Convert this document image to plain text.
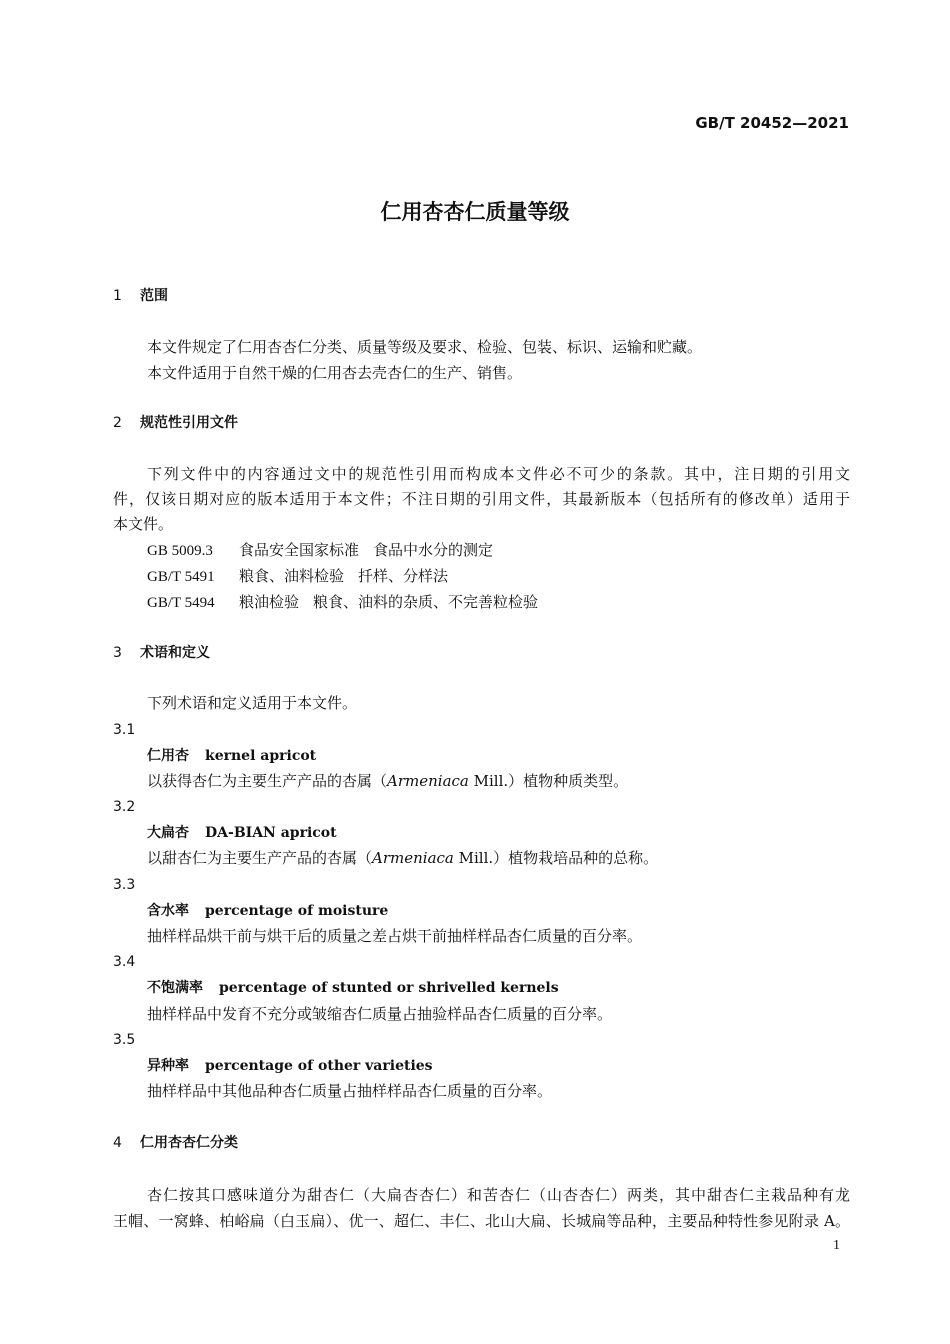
GB/T 20452—2021
仁用杏杏仁质量等级
1 范围
本文件规定了仁用杏杏仁分类、质量等级及要求、检验、包装、标识、运输和贮藏。
本文件适用于自然干燥的仁用杏去壳杏仁的生产、销售。
2 规范性引用文件
下列文件中的内容通过文中的规范性引用而构成本文件必不可少的条款。其中，注日期的引用文
件，仅该日期对应的版本适用于本文件；不注日期的引用文件，其最新版本（包括所有的修改单）适用于
本文件。
GB 5009.3 食品安全国家标准 食品中水分的测定
GB/T 5491 粮食、油料检验 扦样、分样法
GB/T 5494 粮油检验 粮食、油料的杂质、不完善粒检验
3 术语和定义
下列术语和定义适用于本文件。
3.1
仁用杏 kernel apricot
以获得杏仁为主要生产产品的杏属（Armeniaca Mill.）植物种质类型。
3.2
大扁杏 DA-BIAN apricot
以甜杏仁为主要生产产品的杏属（Armeniaca Mill.）植物栽培品种的总称。
3.3
含水率 percentage of moisture
抽样样品烘干前与烘干后的质量之差占烘干前抽样样品杏仁质量的百分率。
3.4
不饱满率 percentage of stunted or shrivelled kernels
抽样样品中发育不充分或皱缩杏仁质量占抽验样品杏仁质量的百分率。
3.5
异种率 percentage of other varieties
抽样样品中其他品种杏仁质量占抽样样品杏仁质量的百分率。
4 仁用杏杏仁分类
杏仁按其口感味道分为甜杏仁（大扁杏杏仁）和苦杏仁（山杏杏仁）两类，其中甜杏仁主栽品种有龙
王帽、一窝蜂、柏峪扁（白玉扁）、优一、超仁、丰仁、北山大扁、长城扁等品种，主要品种特性参见附录 A。
1
